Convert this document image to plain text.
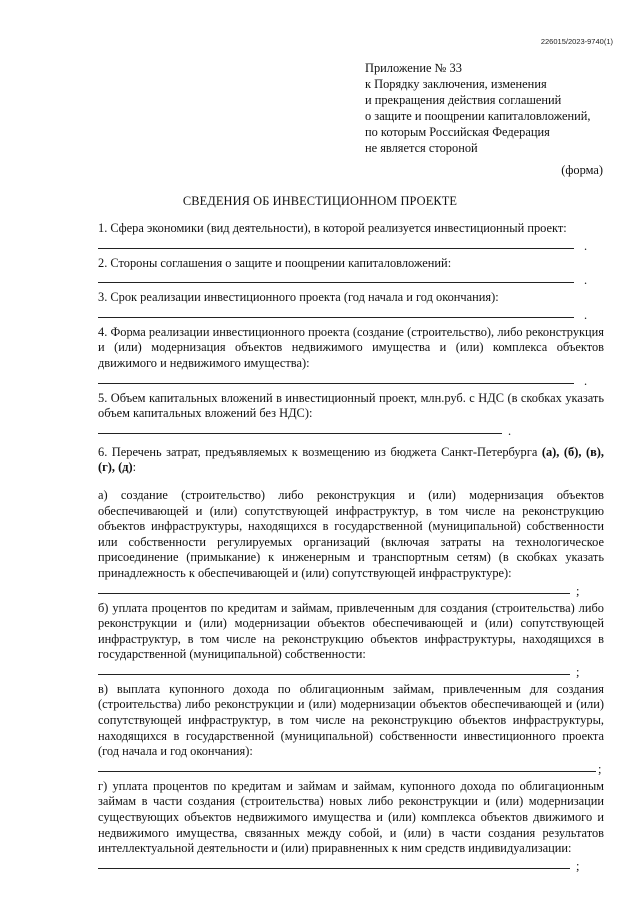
226015/2023-9740(1)
Приложение № 33
к Порядку заключения, изменения
и прекращения действия соглашений
о защите и поощрении капиталовложений,
по которым Российская Федерация
не является стороной
(форма)
СВЕДЕНИЯ ОБ ИНВЕСТИЦИОННОМ ПРОЕКТЕ

1. Сфера экономики (вид деятельности), в которой реализуется инвестиционный проект:

.

2. Стороны соглашения о защите и поощрении капиталовложений:

.

3. Срок реализации инвестиционного проекта (год начала и год окончания):

.

4. Форма реализации инвестиционного проекта (создание (строительство), либо реконструкция и (или) модернизация объектов недвижимого имущества и (или) комплекса объектов движимого и недвижимого имущества):

.

5. Объем капитальных вложений в инвестиционный проект, млн.руб. с НДС (в скобках указать объем капитальных вложений без НДС):

.

6. Перечень затрат, предъявляемых к возмещению из бюджета Санкт-Петербурга (а), (б), (в), (г), (д):

а) создание (строительство) либо реконструкция и (или) модернизация объектов обеспечивающей и (или) сопутствующей инфраструктур, в том числе на реконструкцию объектов инфраструктуры, находящихся в государственной (муниципальной) собственности или собственности регулируемых организаций (включая затраты на технологическое присоединение (примыкание) к инженерным и транспортным сетям) (в скобках указать принадлежность к обеспечивающей и (или) сопутствующей инфраструктуре):

;

б) уплата процентов по кредитам и займам, привлеченным для создания (строительства) либо реконструкции и (или) модернизации объектов обеспечивающей и (или) сопутствующей инфраструктур, в том числе на реконструкцию объектов инфраструктуры, находящихся в государственной (муниципальной) собственности:

;

в) выплата купонного дохода по облигационным займам, привлеченным для создания (строительства) либо реконструкции и (или) модернизации объектов обеспечивающей и (или) сопутствующей инфраструктур, в том числе на реконструкцию объектов инфраструктуры, находящихся в государственной (муниципальной) собственности инвестиционного проекта (год начала и год окончания):

;

г) уплата процентов по кредитам и займам и займам, купонного дохода по облигационным займам в части создания (строительства) новых либо реконструкции и (или) модернизации существующих объектов недвижимого имущества и (или) комплекса объектов движимого и недвижимого имущества, связанных между собой, и (или) в части создания результатов интеллектуальной деятельности и (или) приравненных к ним средств индивидуализации:

;
